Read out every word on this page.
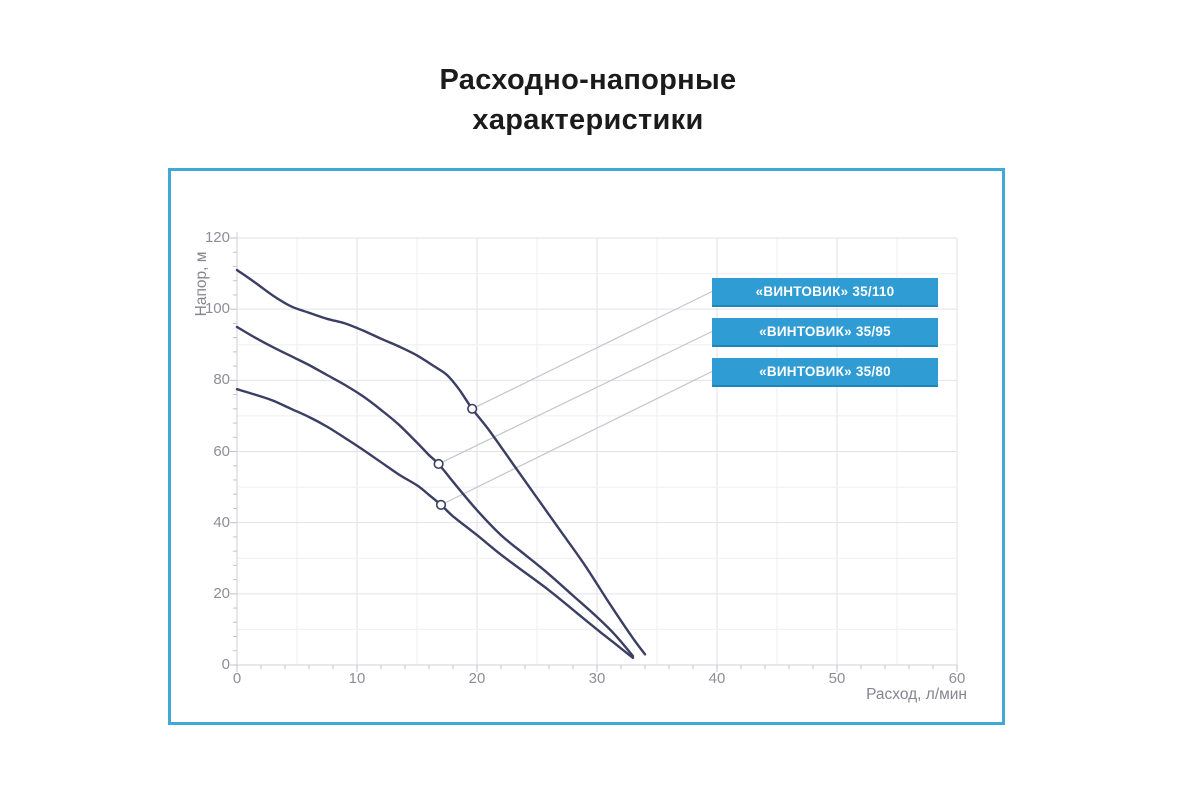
Расходно-напорные
характеристики
0
20
40
60
80
100
120
0	10	20	30	40	50	60
Напор, м
Расход, л/мин
«ВИНТОВИК» 35/110
«ВИНТОВИК» 35/95
«ВИНТОВИК» 35/80
